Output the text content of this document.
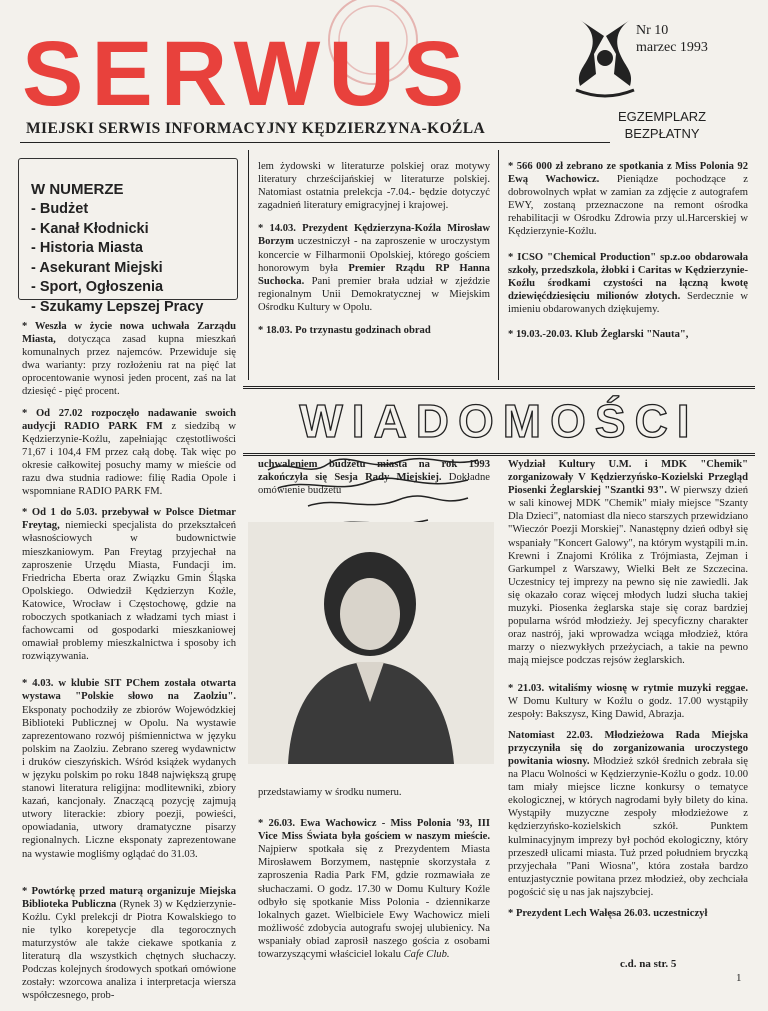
SERWUS	Nr 10
marzec 1993
MIEJSKI SERWIS INFORMACYJNY KĘDZIERZYNA-KOŹLA
EGZEMPLARZ
BEZPŁATNY
W NUMERZE
- Budżet
- Kanał Kłodnicki
- Historia Miasta
- Asekurant Miejski
- Sport, Ogłoszenia
- Szukamy Lepszej Pracy

* Weszła w życie nowa uchwała Zarządu Miasta, dotycząca zasad kupna mieszkań komunalnych przez najemców. Przewiduje się dwa warianty: przy rozłożeniu rat na pięć lat oprocentowanie wynosi jeden procent, zaś na lat dziesięć - pięć procent.

* Od 27.02 rozpoczęło nadawanie swoich audycji RADIO PARK FM z siedzibą w Kędzierzynie-Koźlu, zapełniając częstotliwości 71,67 i 104,4 FM przez całą dobę. Tak więc po okresie całkowitej posuchy mamy w mieście od razu dwa studnia radiowe: filię Radia Opole i wspomniane RADIO PARK FM.

* Od 1 do 5.03. przebywał w Polsce Dietmar Freytag, niemiecki specjalista do przekształceń własnościowych w budownictwie mieszkaniowym. Pan Freytag przyjechał na zaproszenie Urzędu Miasta, Fundacji im. Friedricha Eberta oraz Związku Gmin Śląska Opolskiego. Odwiedził Kędzierzyn Koźle, Katowice, Wrocław i Częstochowę, gdzie na roboczych spotkaniach z władzami tych miast i fachowcami od gospodarki mieszkaniowej omawiał problemy mieszkalnictwa i sposoby ich rozwiązywania.

* 4.03. w klubie SIT PChem została otwarta wystawa "Polskie słowo na Zaolziu". Eksponaty pochodziły ze zbiorów Wojewódzkiej Biblioteki Publicznej w Opolu. Na wystawie zaprezentowano rozwój piśmiennictwa w języku polskim na Zaolziu. Zebrano szereg wydawnictw i druków cieszyńskich. Wśród książek wydanych w języku polskim po roku 1848 największą grupę stanowi literatura religijna: modlitewniki, zbiory kazań, kancjonały. Znaczącą pozycję zajmują utwory literackie: zbiory poezji, powieści, opowiadania, utwory dramatyczne pisarzy regionalnych. Liczne eksponaty zaprezentowane na wystawie mogliśmy oglądać do 31.03.

* Powtórkę przed maturą organizuje Miejska Biblioteka Publiczna (Rynek 3) w Kędzierzynie-Koźlu. Cykl prelekcji dr Piotra Kowalskiego to nie tylko korepetycje dla tegorocznych maturzystów ale także ciekawe spotkania z literaturą dla wszystkich chętnych słuchaczy. Podczas kolejnych środowych spotkań omówione zostały: wzorcowa analiza i interpretacja wiersza współczesnego, prob-

lem żydowski w literaturze polskiej oraz motywy literatury chrześcijańskiej w literaturze polskiej. Natomiast ostatnia prelekcja -7.04.- będzie dotyczyć zagadnień literatury emigracyjnej i krajowej.

* 14.03. Prezydent Kędzierzyna-Koźla Mirosław Borzym uczestniczył - na zaproszenie w uroczystym koncercie w Filharmonii Opolskiej, którego gościem honorowym była Premier Rządu RP Hanna Suchocka. Pani premier brała udział w zjeździe regionalnym Unii Demokratycznej w Miejskim Ośrodku Kultury w Opolu.

* 18.03. Po trzynastu godzinach obrad

WIADOMOŚCI

uchwaleniem budżetu miasta na rok 1993 zakończyła się Sesja Rady Miejskiej. Dokładne omówienie budżetu

przedstawiamy w środku numeru.

* 26.03. Ewa Wachowicz - Miss Polonia '93, III Vice Miss Świata była gościem w naszym mieście. Najpierw spotkała się z Prezydentem Miasta Mirosławem Borzymem, następnie skorzystała z zaproszenia Radia Park FM, gdzie rozmawiała ze słuchaczami. O godz. 17.30 w Domu Kultury Koźle odbyło się spotkanie Miss Polonia - dziennikarze lokalnych gazet. Wielbiciele Ewy Wachowicz mieli możliwość zdobycia autografu swojej ulubienicy. Na wspaniały obiad zaprosił naszego gościa z osobami towarzyszącymi właściciel lokalu Cafe Club.

* 566 000 zł zebrano ze spotkania z Miss Polonia 92 Ewą Wachowicz. Pieniądze pochodzące z dobrowolnych wpłat w zamian za zdjęcie z autografem EWY, zostaną przeznaczone na remont ośrodka rehabilitacji w Ośrodku Zdrowia przy ul.Harcerskiej w Kędzierzynie-Koźlu.

* ICSO "Chemical Production" sp.z.oo obdarowała szkoły, przedszkola, żłobki i Caritas w Kędzierzynie-Koźlu środkami czystości na łączną kwotę dziewięćdziesięciu milionów złotych. Serdecznie w imieniu obdarowanych dziękujemy.

* 19.03.-20.03. Klub Żeglarski "Nauta",

Wydział Kultury U.M. i MDK "Chemik" zorganizowały V Kędzierzyńsko-Kozielski Przegląd Piosenki Żeglarskiej "Szantki 93". W pierwszy dzień w sali kinowej MDK "Chemik" miały miejsce "Szanty Dla Dzieci", natomiast dla nieco starszych przewidziano "Wieczór Poezji Morskiej". Nanastępny dzień odbył się wspaniały "Koncert Galowy", na którym wystąpili m.in. Krewni i Znajomi Królika z Trójmiasta, Zejman i Garkumpel z Warszawy, Wielki Bełt ze Szczecina. Uczestnicy tej imprezy na pewno się nie zawiedli. Jak się okazało coraz więcej młodych ludzi słucha takiej muzyki. Piosenka żeglarska staje się coraz bardziej popularna wśród młodzieży. Jej specyficzny charakter oraz nastrój, jaki wprowadza wciąga młodzież, która marzy o niezwykłych przeżyciach, a takie na pewno mają miejsce podczas rejsów żeglarskich.

* 21.03. witaliśmy wiosnę w rytmie muzyki reggae. W Domu Kultury w Koźlu o godz. 17.00 wystąpiły zespoły: Bakszysz, King Dawid, Abrazja.

Natomiast 22.03. Młodzieżowa Rada Miejska przyczyniła się do zorganizowania uroczystego powitania wiosny. Młodzież szkół średnich zebrała się na Placu Wolności w Kędzierzynie-Koźlu o godz. 10.00 tam miały miejsce liczne konkursy o tematyce ekologicznej, w których nagrodami były bilety do kina. Wystąpiły muzyczne zespoły młodzieżowe z kędzierzyńsko-kozielskich szkół. Punktem kulminacyjnym imprezy był pochód ekologiczny, który przeszedł ulicami miasta. Tuż przed południem bryczką przyjechała "Pani Wiosna", która została bardzo entuzjastycznie powitana przez młodzież, oby zechciała pogościć się u nas jak najszybciej.

* Prezydent Lech Wałęsa 26.03. uczestniczył

c.d. na str. 5
1
